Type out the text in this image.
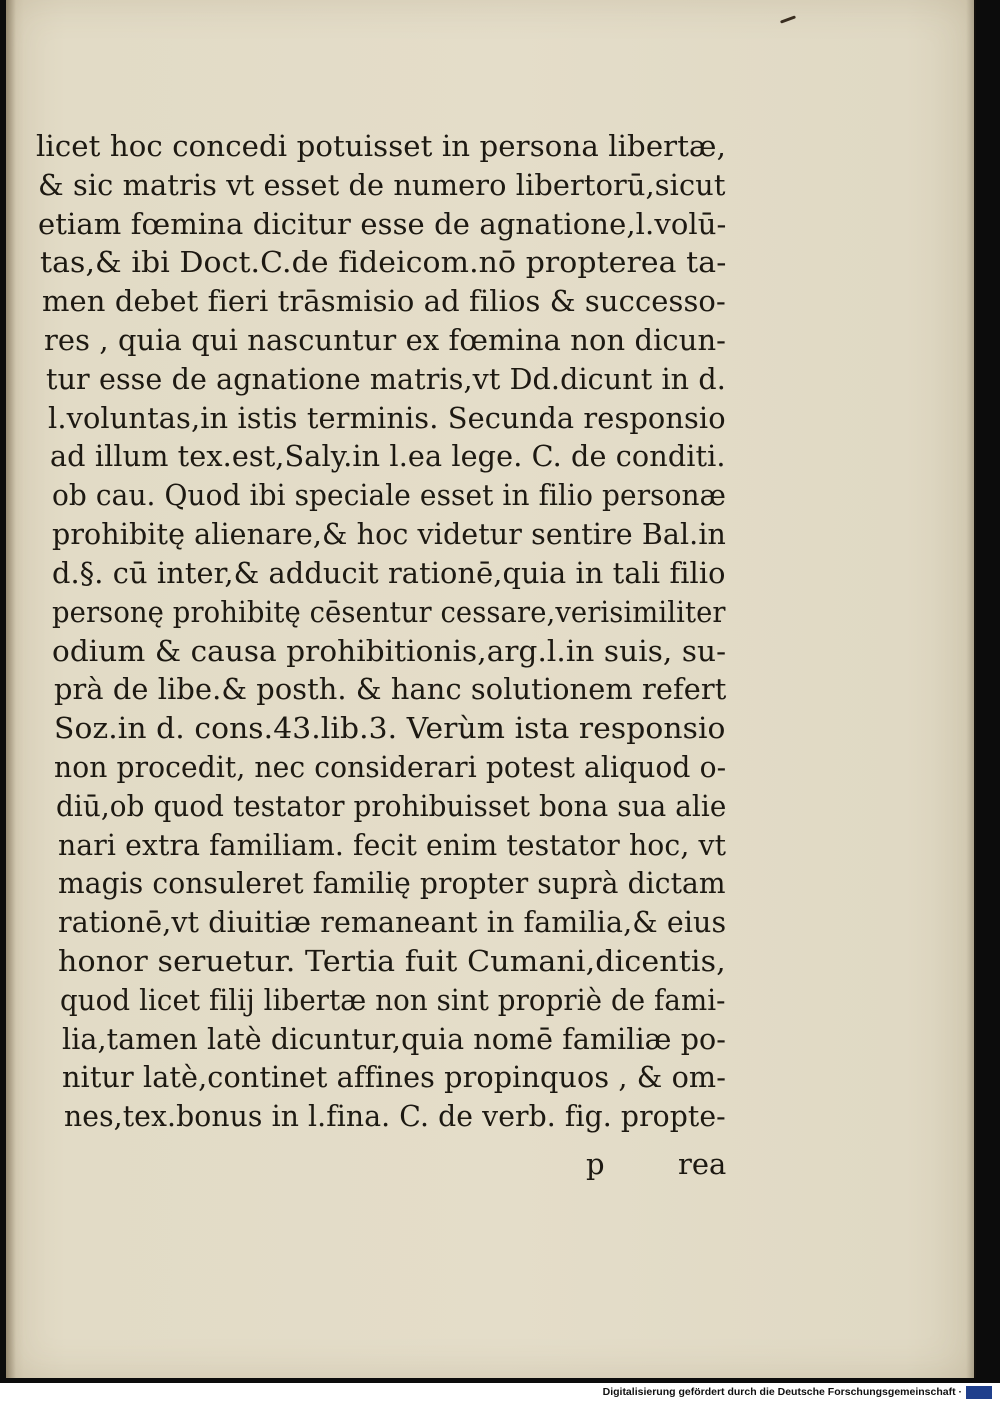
licet hoc concedi potuisset in persona libertæ,
& sic matris vt esset de numero libertorū,sicut
etiam fœmina dicitur esse de agnatione,l.volū-
tas,& ibi Doct.C.de fideicom.nō propterea ta-
men debet fieri trāsmisio ad filios & successo-
res , quia qui nascuntur ex fœmina non dicun-
tur esse de agnatione matris,vt Dd.dicunt in d.
l.voluntas,in istis terminis. Secunda responsio
ad illum tex.est,Saly.in l.ea lege. C. de conditi.
ob cau. Quod ibi speciale esset in filio personæ
prohibitę alienare,& hoc videtur sentire Bal.in
d.§. cū inter,& adducit rationē,quia in tali filio
personę prohibitę cēsentur cessare,verisimiliter
odium & causa prohibitionis,arg.l.in suis, su-
prà de libe.& posth. & hanc solutionem refert
Soz.in d. cons.43.lib.3. Verùm ista responsio
non procedit, nec considerari potest aliquod o-
diū,ob quod testator prohibuisset bona sua alie
nari extra familiam. fecit enim testator hoc, vt
magis consuleret familię propter suprà dictam
rationē,vt diuitiæ remaneant in familia,& eius
honor seruetur. Tertia fuit Cumani,dicentis,
quod licet filij libertæ non sint propriè de fami-
lia,tamen latè dicuntur,quia nomē familiæ po-
nitur latè,continet affines propinquos , & om-
nes,tex.bonus in l.fina. C. de verb. fig. propte-
p	rea
Digitalisierung gefördert durch die Deutsche Forschungsgemeinschaft ·
